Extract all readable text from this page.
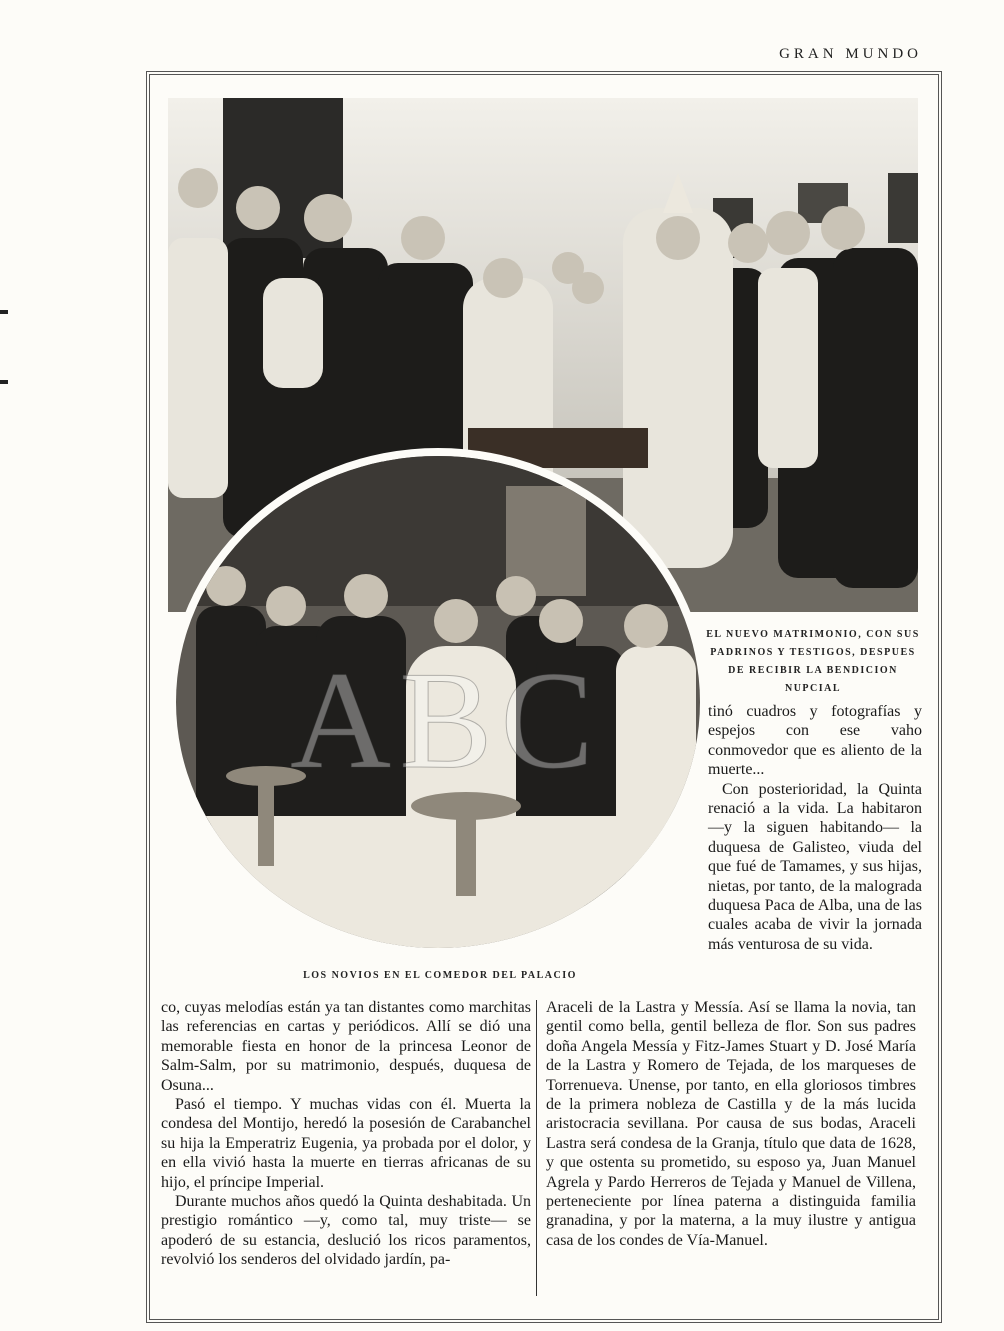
GRAN MUNDO
ABC
EL NUEVO MATRIMONIO, CON SUS PADRINOS Y TESTIGOS, DESPUES DE RECIBIR LA BENDICION NUPCIAL

tinó cuadros y fotografías y espejos con ese vaho conmovedor que es aliento de la muerte...

Con posterioridad, la Quinta renació a la vida. La habitaron —y la siguen habitando— la duquesa de Galisteo, viuda del que fué de Tamames, y sus hijas, nietas, por tanto, de la malograda duquesa Paca de Alba, una de las cuales acaba de vivir la jornada más venturosa de su vida.

LOS NOVIOS EN EL COMEDOR DEL PALACIO

co, cuyas melodías están ya tan distantes como marchitas las referencias en cartas y periódicos. Allí se dió una memorable fiesta en honor de la princesa Leonor de Salm-Salm, por su matrimonio, después, duquesa de Osuna...

Pasó el tiempo. Y muchas vidas con él. Muerta la condesa del Montijo, heredó la posesión de Carabanchel su hija la Emperatriz Eugenia, ya probada por el dolor, y en ella vivió hasta la muerte en tierras africanas de su hijo, el príncipe Imperial.

Durante muchos años quedó la Quinta deshabitada. Un prestigio romántico —y, como tal, muy triste— se apoderó de su estancia, deslució los ricos paramentos, revolvió los senderos del olvidado jardín, pa-

Araceli de la Lastra y Messía. Así se llama la novia, tan gentil como bella, gentil belleza de flor. Son sus padres doña Angela Messía y Fitz-James Stuart y D. José María de la Lastra y Romero de Tejada, de los marqueses de Torrenueva. Unense, por tanto, en ella gloriosos timbres de la primera nobleza de Castilla y de la más lucida aristocracia sevillana. Por causa de sus bodas, Araceli Lastra será condesa de la Granja, título que data de 1628, y que ostenta su prometido, su esposo ya, Juan Manuel Agrela y Pardo Herreros de Tejada y Manuel de Villena, perteneciente por línea paterna a distinguida familia granadina, y por la materna, a la muy ilustre y antigua casa de los condes de Vía-Manuel.
